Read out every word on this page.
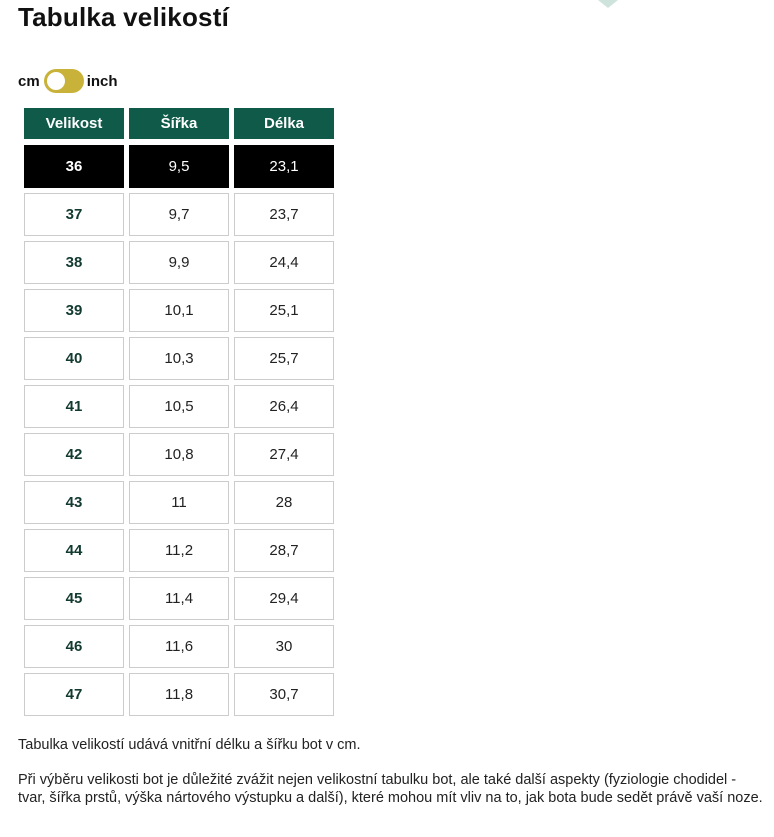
Tabulka velikostí
cm	inch
Velikost	Šířka	Délka
36	9,5	23,1
37	9,7	23,7
38	9,9	24,4
39	10,1	25,1
40	10,3	25,7
41	10,5	26,4
42	10,8	27,4
43	11	28
44	11,2	28,7
45	11,4	29,4
46	11,6	30
47	11,8	30,7

Tabulka velikostí udává vnitřní délku a šířku bot v cm.

Při výběru velikosti bot je důležité zvážit nejen velikostní tabulku bot, ale také další aspekty (fyziologie chodidel - tvar, šířka prstů, výška nártového výstupku a další), které mohou mít vliv na to, jak bota bude sedět právě vaší noze.
